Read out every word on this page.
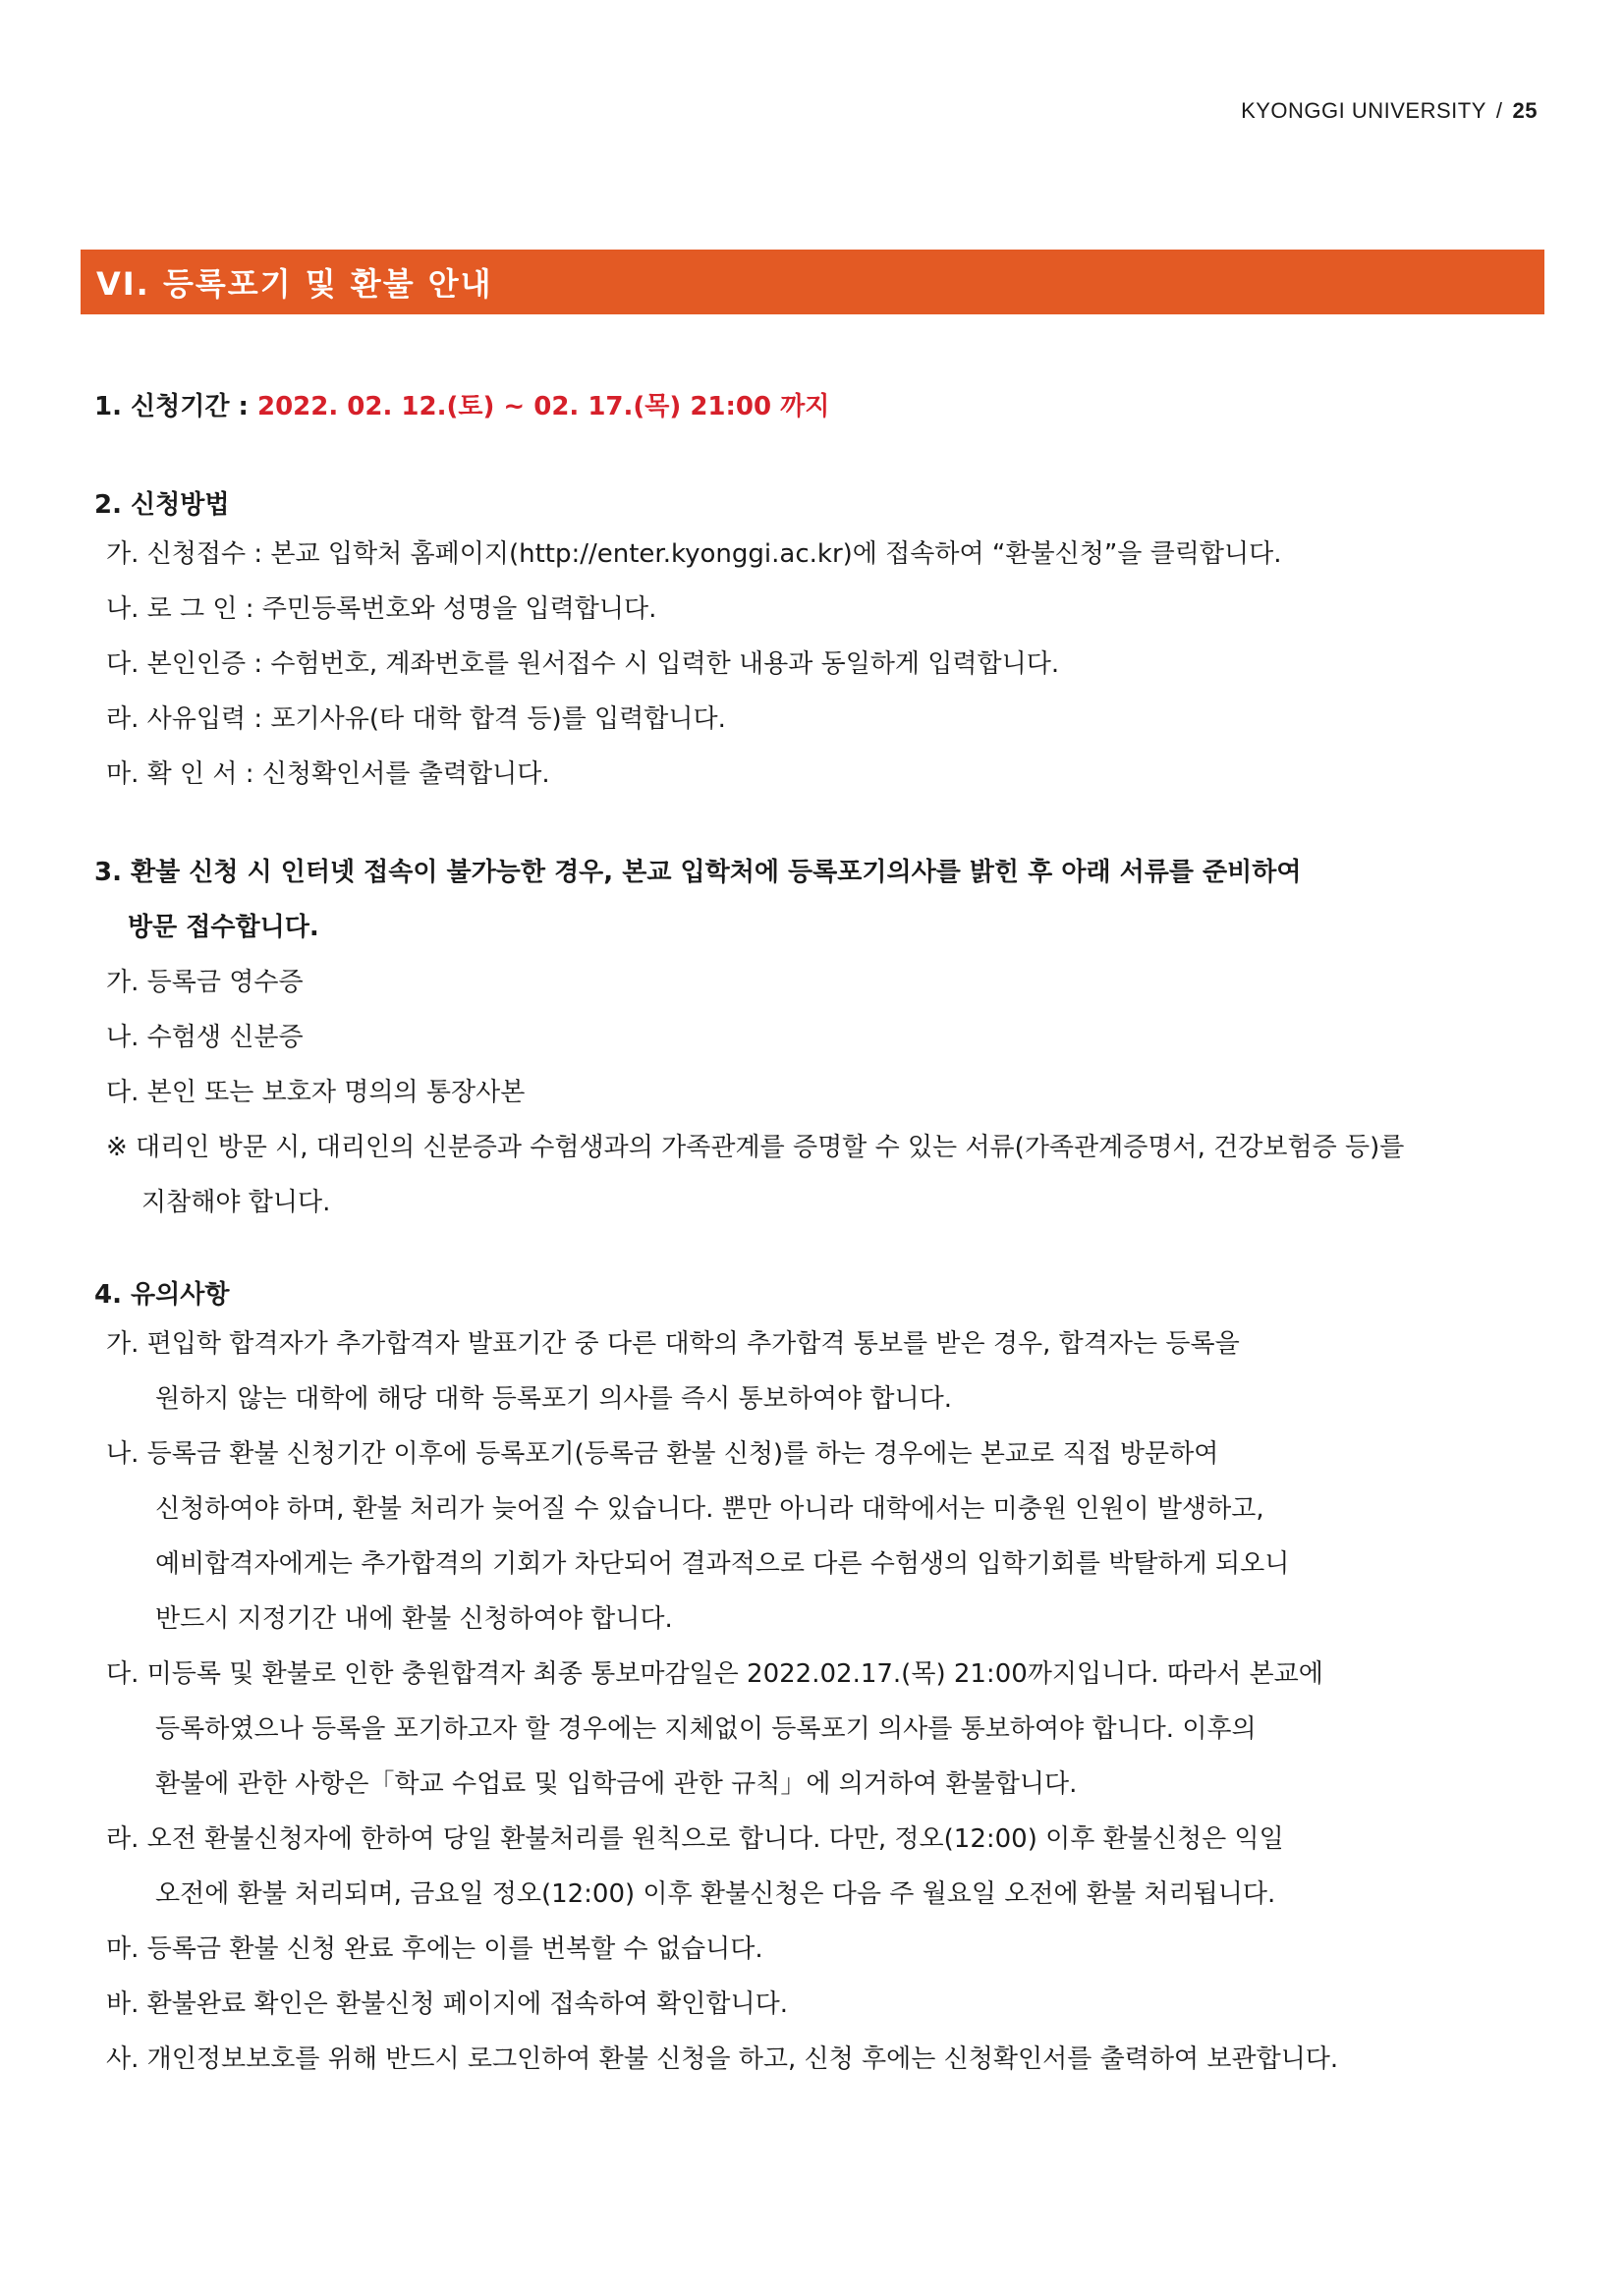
KYONGGI UNIVERSITY / 25
VI. 등록포기 및 환불 안내
1. 신청기간 : 2022. 02. 12.(토) ~ 02. 17.(목) 21:00 까지
2. 신청방법
가. 신청접수 : 본교 입학처 홈페이지(http://enter.kyonggi.ac.kr)에 접속하여 “환불신청”을 클릭합니다.
나. 로 그 인 : 주민등록번호와 성명을 입력합니다.
다. 본인인증 : 수험번호, 계좌번호를 원서접수 시 입력한 내용과 동일하게 입력합니다.
라. 사유입력 : 포기사유(타 대학 합격 등)를 입력합니다.
마. 확 인 서 : 신청확인서를 출력합니다.
3. 환불 신청 시 인터넷 접속이 불가능한 경우, 본교 입학처에 등록포기의사를 밝힌 후 아래 서류를 준비하여
방문 접수합니다.
가. 등록금 영수증
나. 수험생 신분증
다. 본인 또는 보호자 명의의 통장사본
※ 대리인 방문 시, 대리인의 신분증과 수험생과의 가족관계를 증명할 수 있는 서류(가족관계증명서, 건강보험증 등)를
지참해야 합니다.
4. 유의사항
가. 편입학 합격자가 추가합격자 발표기간 중 다른 대학의 추가합격 통보를 받은 경우, 합격자는 등록을
원하지 않는 대학에 해당 대학 등록포기 의사를 즉시 통보하여야 합니다.
나. 등록금 환불 신청기간 이후에 등록포기(등록금 환불 신청)를 하는 경우에는 본교로 직접 방문하여
신청하여야 하며, 환불 처리가 늦어질 수 있습니다. 뿐만 아니라 대학에서는 미충원 인원이 발생하고,
예비합격자에게는 추가합격의 기회가 차단되어 결과적으로 다른 수험생의 입학기회를 박탈하게 되오니
반드시 지정기간 내에 환불 신청하여야 합니다.
다. 미등록 및 환불로 인한 충원합격자 최종 통보마감일은 2022.02.17.(목) 21:00까지입니다. 따라서 본교에
등록하였으나 등록을 포기하고자 할 경우에는 지체없이 등록포기 의사를 통보하여야 합니다. 이후의
환불에 관한 사항은「학교 수업료 및 입학금에 관한 규칙」에 의거하여 환불합니다.
라. 오전 환불신청자에 한하여 당일 환불처리를 원칙으로 합니다. 다만, 정오(12:00) 이후 환불신청은 익일
오전에 환불 처리되며, 금요일 정오(12:00) 이후 환불신청은 다음 주 월요일 오전에 환불 처리됩니다.
마. 등록금 환불 신청 완료 후에는 이를 번복할 수 없습니다.
바. 환불완료 확인은 환불신청 페이지에 접속하여 확인합니다.
사. 개인정보보호를 위해 반드시 로그인하여 환불 신청을 하고, 신청 후에는 신청확인서를 출력하여 보관합니다.
